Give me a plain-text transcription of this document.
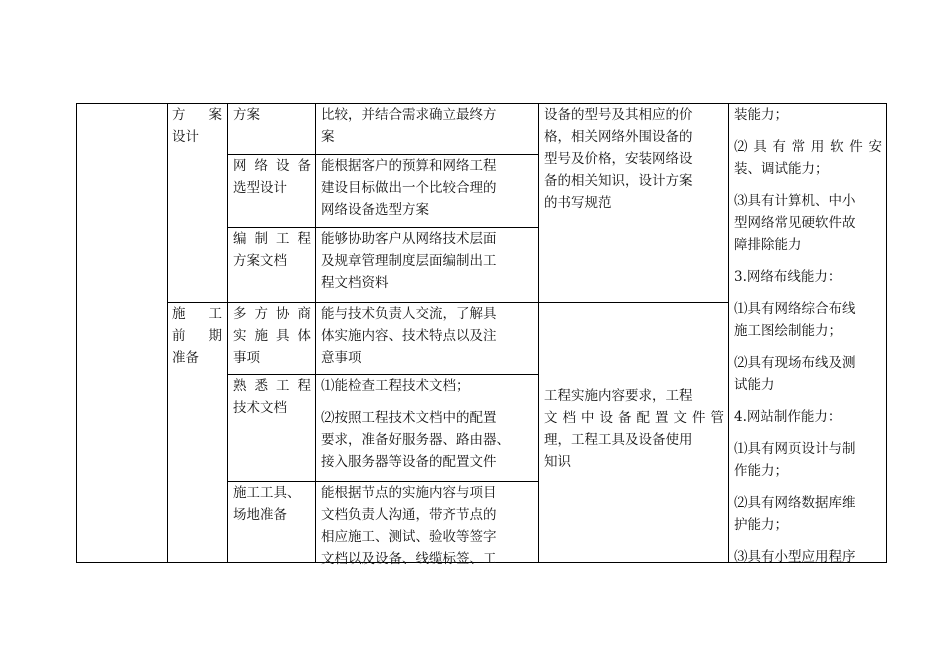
方　案
设计
施　工
前　期
准备
方案
网 络 设 备
选型设计
编 制 工 程
方案文档
多 方 协 商
实 施 具 体
事项
熟 悉 工 程
技术文档
施工工具、
场地准备
比较，并结合需求确立最终方
案
能根据客户的预算和网络工程
建设目标做出一个比较合理的
网络设备选型方案
能够协助客户从网络技术层面
及规章管理制度层面编制出工
程文档资料
能与技术负责人交流，了解具
体实施内容、技术特点以及注
意事项
⑴能检查工程技术文档；
⑵按照工程技术文档中的配置
要求，准备好服务器、路由器、
接入服务器等设备的配置文件
能根据节点的实施内容与项目
文档负责人沟通，带齐节点的
相应施工、测试、验收等签字
文档以及设备、线缆标签、工
设备的型号及其相应的价
格，相关网络外围设备的
型号及价格，安装网络设
备的相关知识，设计方案
的书写规范
工程实施内容要求，工程
文 档 中 设 备 配 置 文 件 管
理，工程工具及设备使用
知识
装能力；
⑵ 具 有 常 用 软 件 安
装、调试能力；
⑶具有计算机、中小
型网络常见硬软件故
障排除能力
3.网络布线能力：
⑴具有网络综合布线
施工图绘制能力；
⑵具有现场布线及测
试能力
4.网站制作能力：
⑴具有网页设计与制
作能力；
⑵具有网络数据库维
护能力；
⑶具有小型应用程序
